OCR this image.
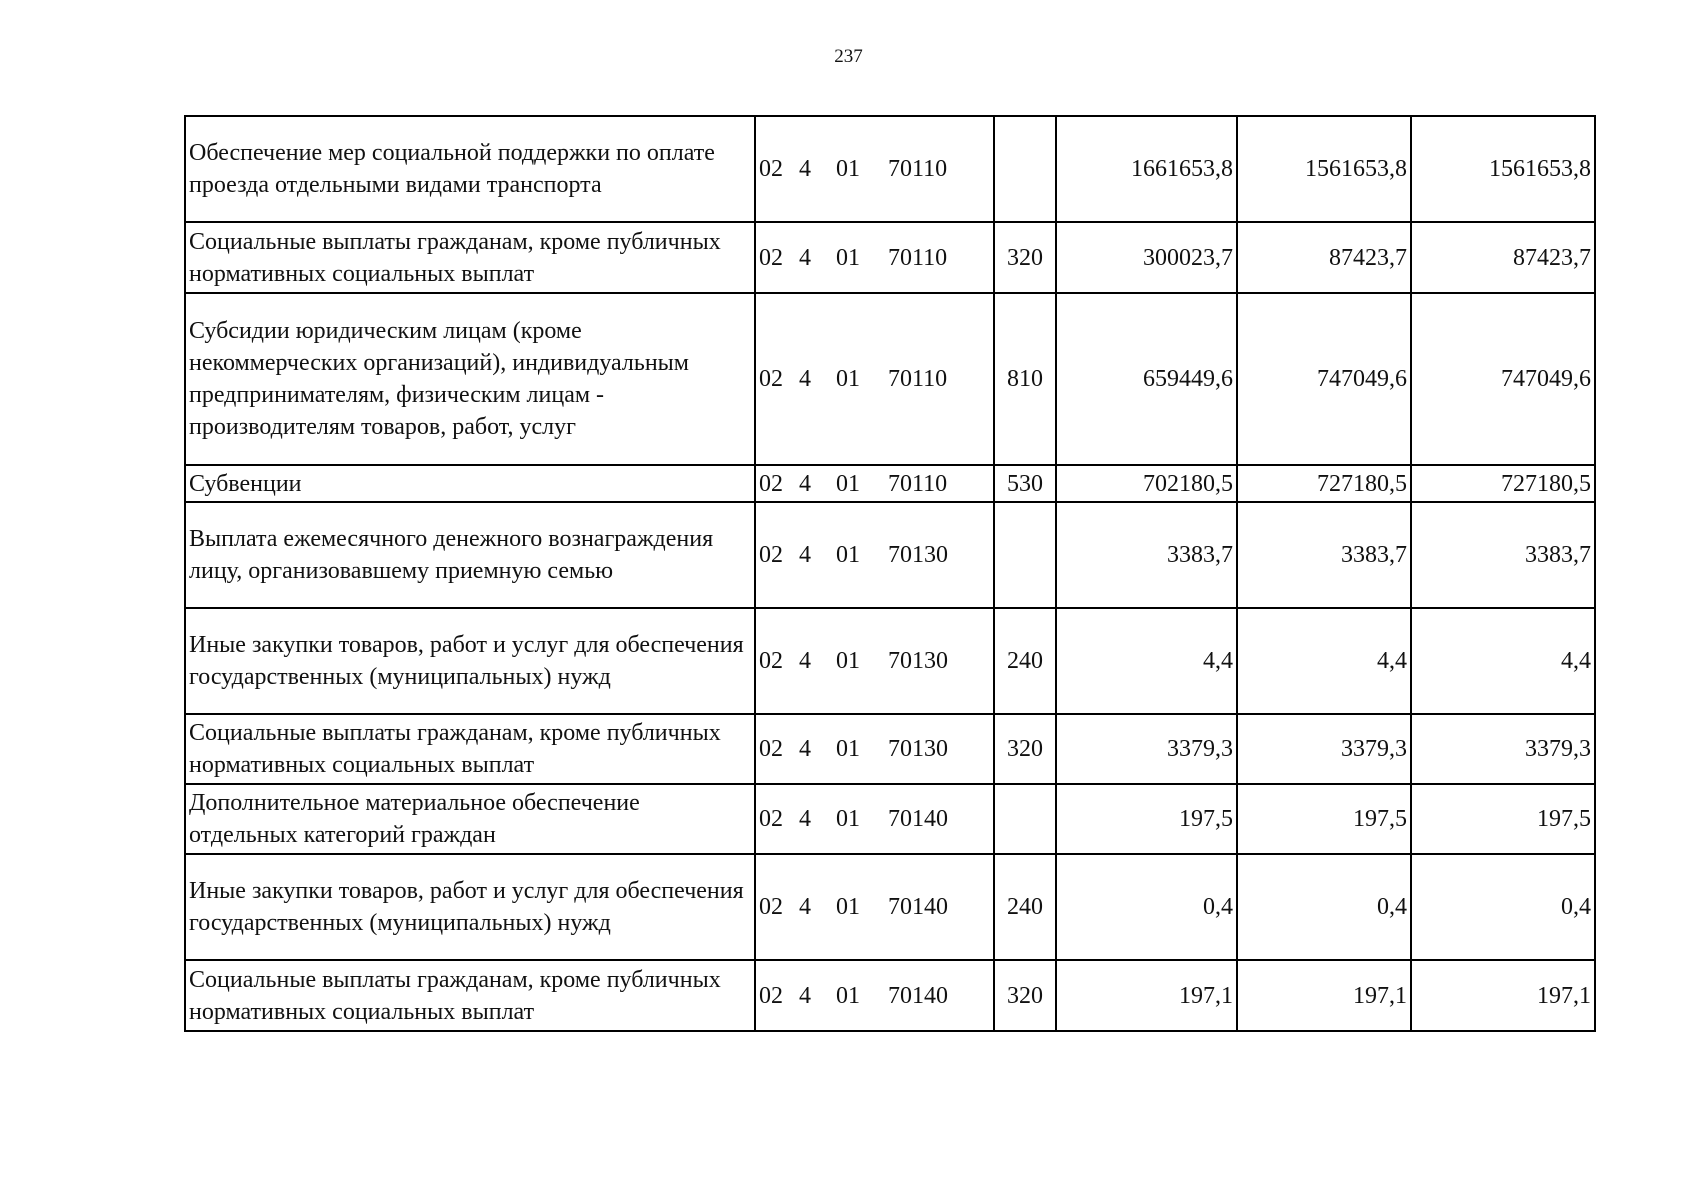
237
Обеспечение мер социальной поддержки по оплате проезда отдельными видами транспорта	02 4 01 70110		1661653,8	1561653,8	1561653,8
Социальные выплаты гражданам, кроме публичных нормативных социальных выплат	02 4 01 70110	320	300023,7	87423,7	87423,7
Субсидии юридическим лицам (кроме некоммерческих организаций), индивидуальным предпринимателям, физическим лицам - производителям товаров, работ, услуг	02 4 01 70110	810	659449,6	747049,6	747049,6
Субвенции	02 4 01 70110	530	702180,5	727180,5	727180,5
Выплата ежемесячного денежного вознаграждения лицу, организовавшему приемную семью	02 4 01 70130		3383,7	3383,7	3383,7
Иные закупки товаров, работ и услуг для обеспечения государственных (муниципальных) нужд	02 4 01 70130	240	4,4	4,4	4,4
Социальные выплаты гражданам, кроме публичных нормативных социальных выплат	02 4 01 70130	320	3379,3	3379,3	3379,3
Дополнительное материальное обеспечение отдельных категорий граждан	02 4 01 70140		197,5	197,5	197,5
Иные закупки товаров, работ и услуг для обеспечения государственных (муниципальных) нужд	02 4 01 70140	240	0,4	0,4	0,4
Социальные выплаты гражданам, кроме публичных нормативных социальных выплат	02 4 01 70140	320	197,1	197,1	197,1
